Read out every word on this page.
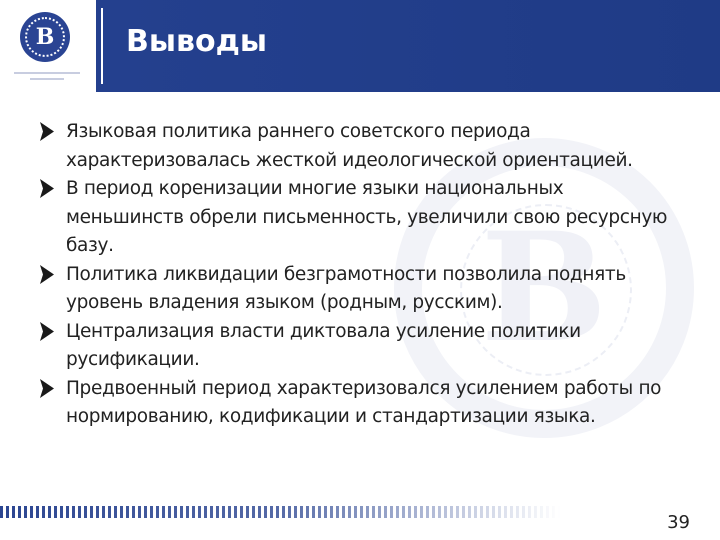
В	Выводы
В
Языковая политика раннего советского периода характеризовалась жесткой идеологической ориентацией.
В период коренизации многие языки национальных меньшинств обрели письменность, увеличили свою ресурсную базу.
Политика ликвидации безграмотности позволила поднять уровень владения языком (родным, русским).
Централизация власти диктовала усиление политики русификации.
Предвоенный период характеризовался усилением работы по нормированию, кодификации и стандартизации языка.
39
